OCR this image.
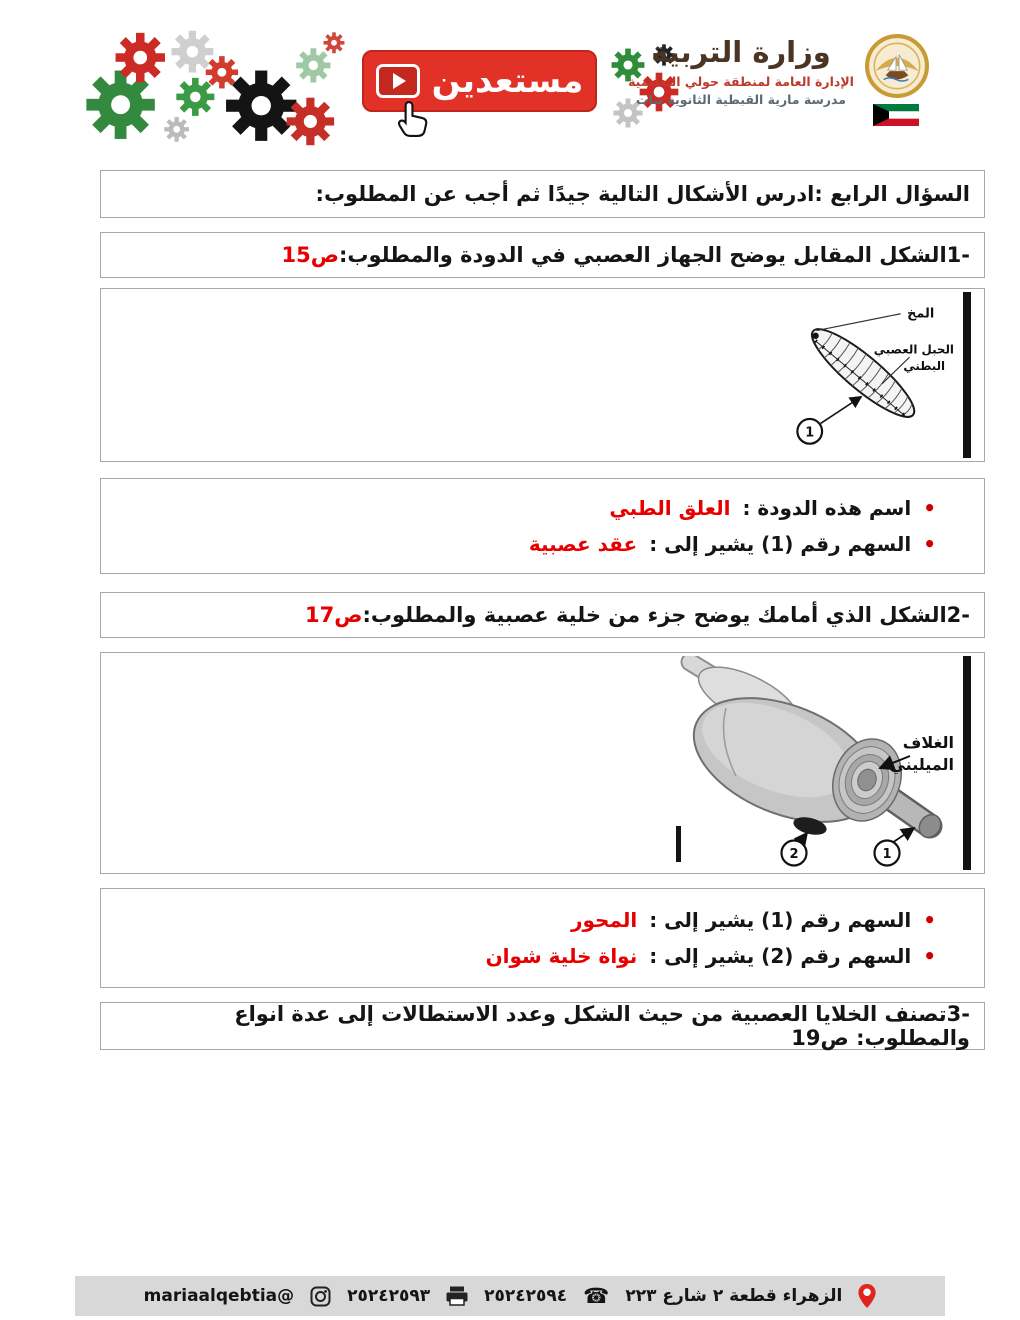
مستعدين
وزارة التربية
الإدارة العامة لمنطقة حولي التعليمية
مدرسة مارية القبطية الثانوية بنات
السؤال الرابع :ادرس الأشكال التالية جيدًا ثم أجب عن المطلوب:
-1الشكل المقابل يوضح الجهاز العصبي في الدودة والمطلوب:
ص15
المخ
الحبل العصبي
البطني
1
•
اسم هذه الدودة :
العلق الطبي
•
السهم رقم (1) يشير إلى :
عقد عصبية
-2الشكل الذي أمامك يوضح جزء من خلية عصبية والمطلوب:
ص17
الغلاف
الميليني
2	1
•
السهم رقم (1) يشير إلى :
المحور
•
السهم رقم (2) يشير إلى :
نواة خلية شوان
-3تصنف الخلايا العصبية من حيث الشكل وعدد الاستطالات إلى عدة انواع والمطلوب: ص19
الزهراء قطعة ٢ شارع ٢٢٣
☎
٢٥٢٤٢٥٩٤
٢٥٢٤٢٥٩٣
@mariaalqebtia
